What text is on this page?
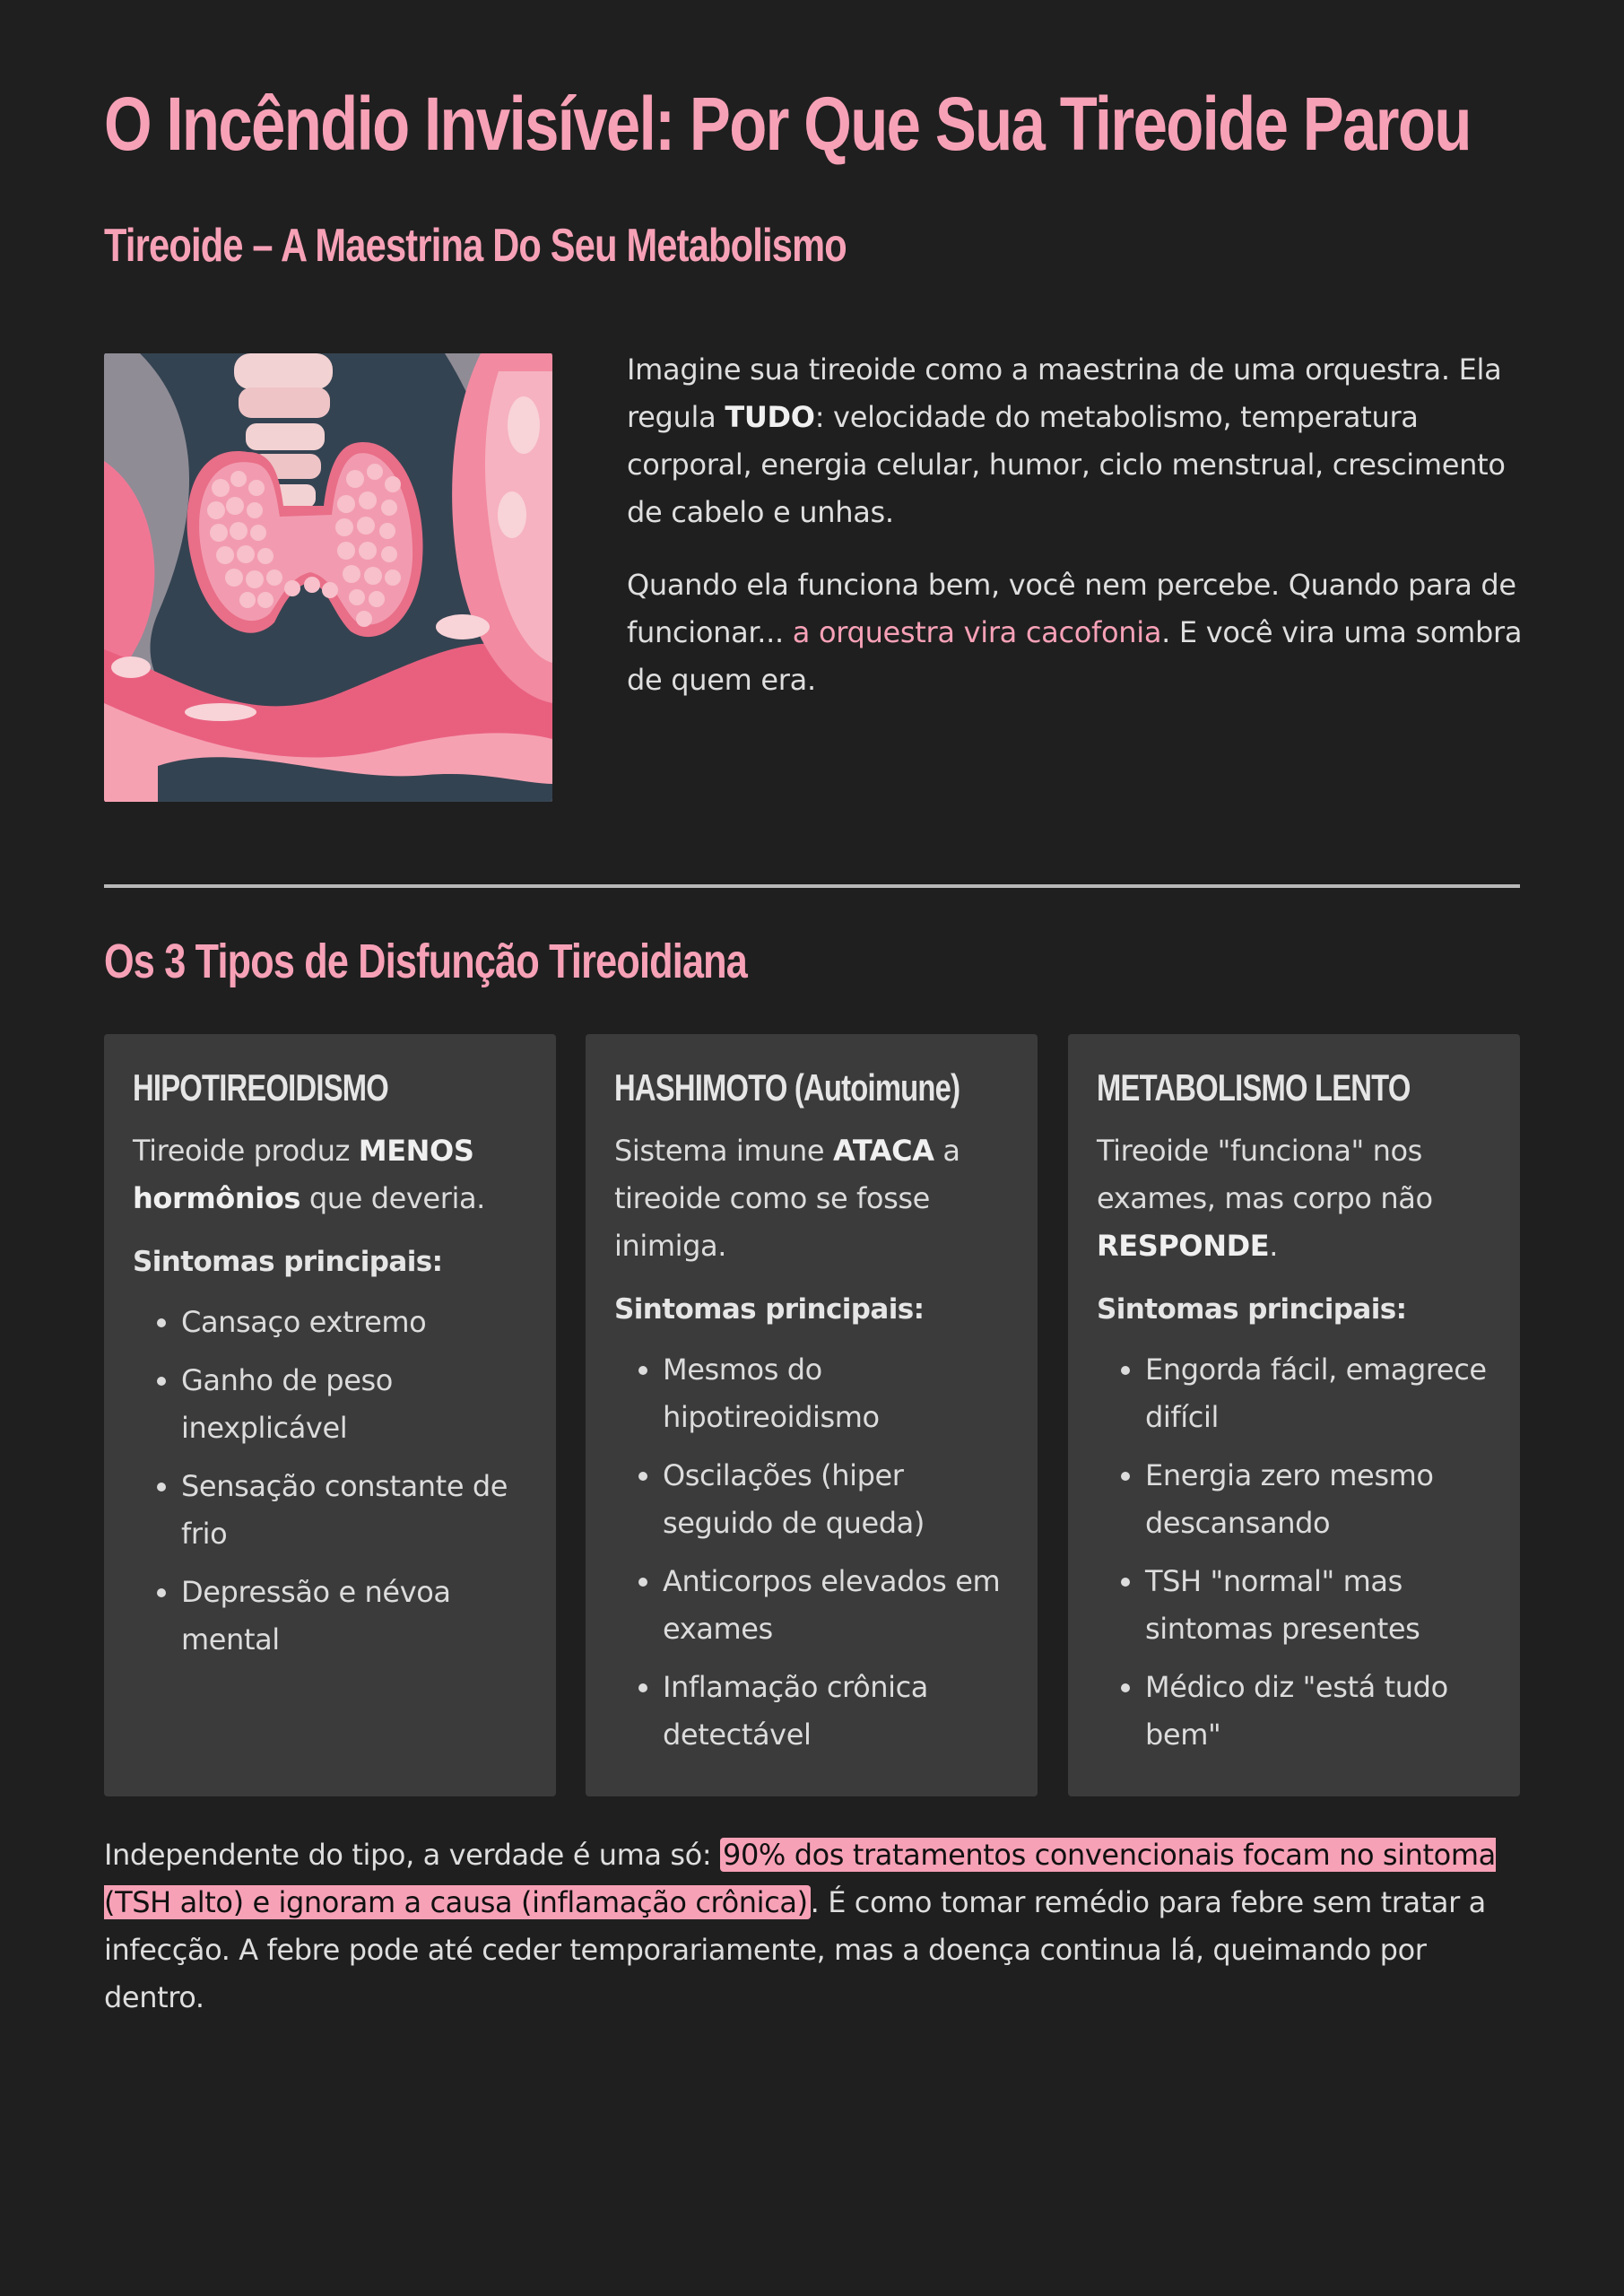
O Incêndio Invisível: Por Que Sua Tireoide Parou
Tireoide – A Maestrina Do Seu Metabolismo

Imagine sua tireoide como a maestrina de uma orquestra. Ela regula TUDO: velocidade do metabolismo, temperatura corporal, energia celular, humor, ciclo menstrual, crescimento de cabelo e unhas.

Quando ela funciona bem, você nem percebe. Quando para de funcionar... a orquestra vira cacofonia. E você vira uma sombra de quem era.

Os 3 Tipos de Disfunção Tireoidiana
HIPOTIREOIDISMO

Tireoide produz MENOS hormônios que deveria.

Sintomas principais:
• Cansaço extremo
• Ganho de peso inexplicável
• Sensação constante de frio
• Depressão e névoa mental
HASHIMOTO (Autoimune)

Sistema imune ATACA a tireoide como se fosse inimiga.

Sintomas principais:
• Mesmos do hipotireoidismo
• Oscilações (hiper seguido de queda)
• Anticorpos elevados em exames
• Inflamação crônica detectável
METABOLISMO LENTO

Tireoide "funciona" nos exames, mas corpo não RESPONDE.

Sintomas principais:
• Engorda fácil, emagrece difícil
• Energia zero mesmo descansando
• TSH "normal" mas sintomas presentes
• Médico diz "está tudo bem"

Independente do tipo, a verdade é uma só: 90% dos tratamentos convencionais focam no sintoma (TSH alto) e ignoram a causa (inflamação crônica). É como tomar remédio para febre sem tratar a infecção. A febre pode até ceder temporariamente, mas a doença continua lá, queimando por dentro.
